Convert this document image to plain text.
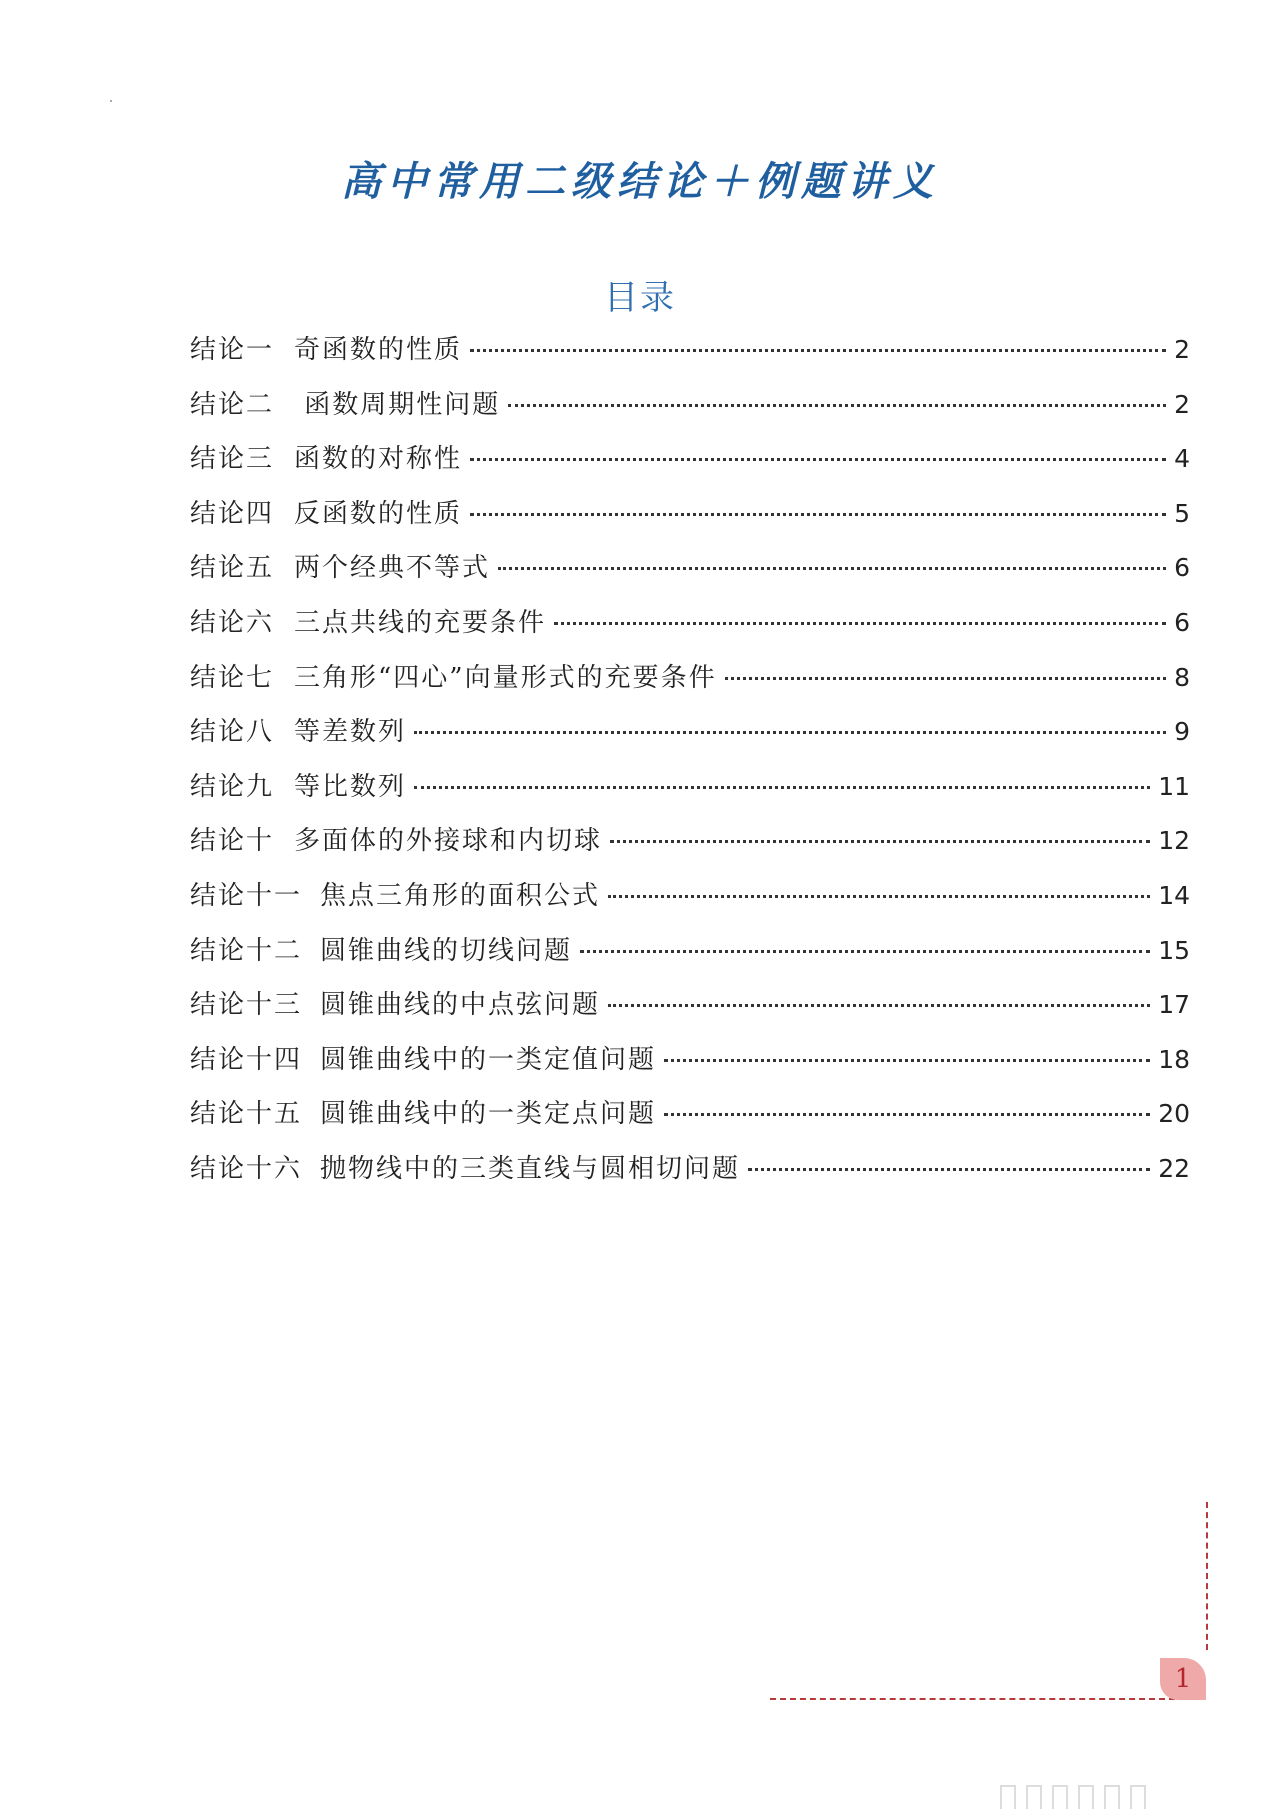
高中常用二级结论＋例题讲义
目录
结论一 奇函数的性质	2
结论二 函数周期性问题	2
结论三 函数的对称性	4
结论四 反函数的性质	5
结论五 两个经典不等式	6
结论六 三点共线的充要条件	6
结论七 三角形“四心”向量形式的充要条件	8
结论八 等差数列	9
结论九 等比数列	11
结论十 多面体的外接球和内切球	12
结论十一 焦点三角形的面积公式	14
结论十二 圆锥曲线的切线问题	15
结论十三 圆锥曲线的中点弦问题	17
结论十四 圆锥曲线中的一类定值问题	18
结论十五 圆锥曲线中的一类定点问题	20
结论十六 抛物线中的三类直线与圆相切问题	22
1
